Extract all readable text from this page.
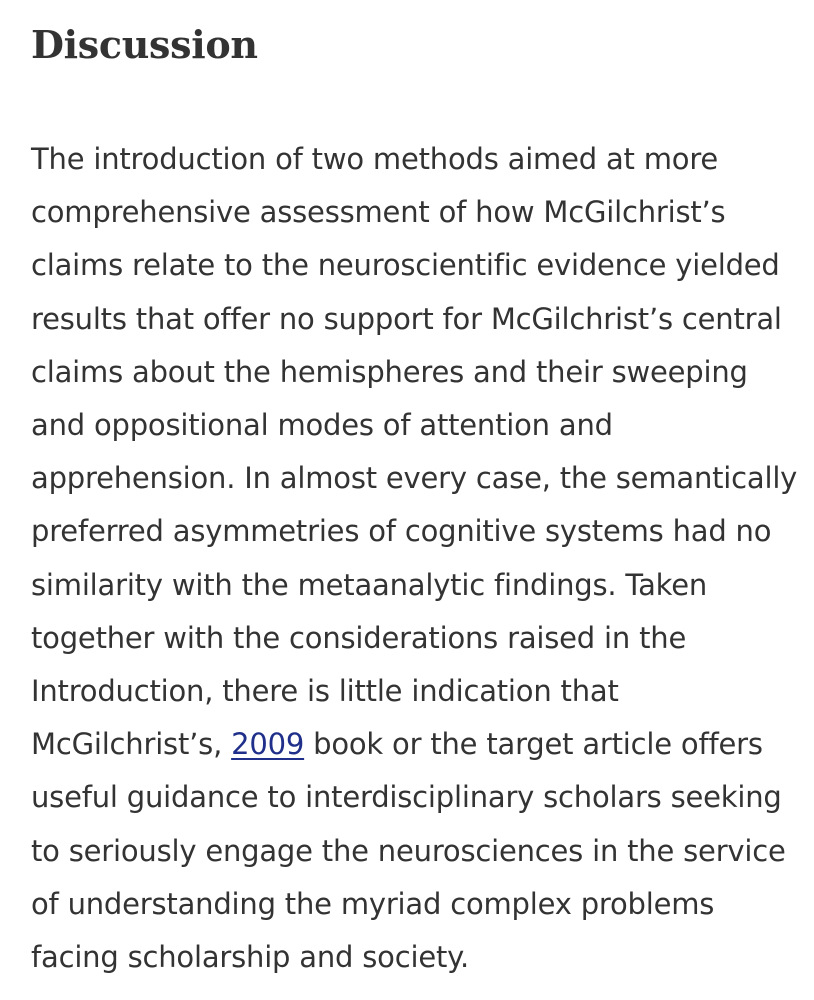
Discussion

The introduction of two methods aimed at more comprehensive assessment of how McGilchrist’s claims relate to the neuroscientific evidence yielded results that offer no support for McGilchrist’s central claims about the hemispheres and their sweeping and oppositional modes of attention and apprehension. In almost every case, the semantically preferred asymmetries of cognitive systems had no similarity with the metaanalytic findings. Taken together with the considerations raised in the Introduction, there is little indication that McGilchrist’s, 2009 book or the target article offers useful guidance to interdisciplinary scholars seeking to seriously engage the neurosciences in the service of understanding the myriad complex problems facing scholarship and society.
